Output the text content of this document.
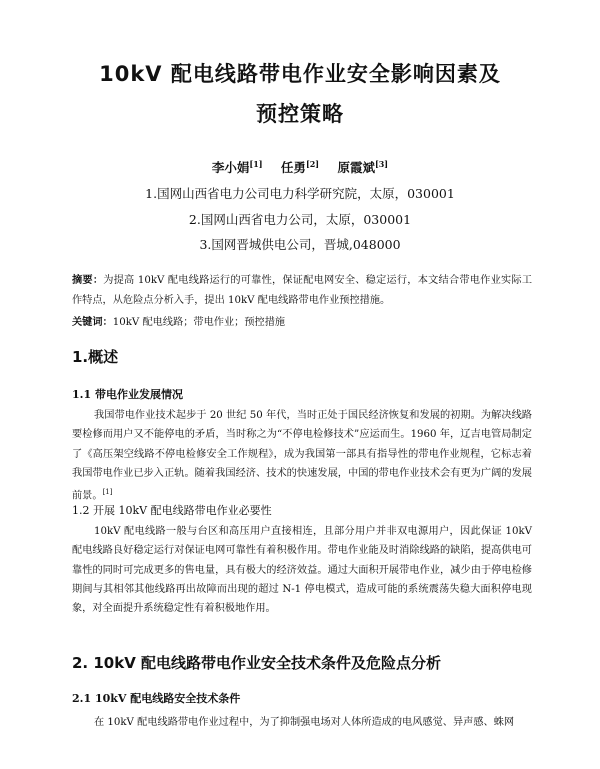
10kV 配电线路带电作业安全影响因素及
预控策略
李小娟[1] 任勇[2] 原霞斌[3]
1.国网山西省电力公司电力科学研究院，太原，030001
2.国网山西省电力公司，太原，030001
3.国网晋城供电公司，晋城,048000
摘要：为提高 10kV 配电线路运行的可靠性，保证配电网安全、稳定运行，本文结合带电作业实际工作特点，从危险点分析入手，提出 10kV 配电线路带电作业预控措施。
关键词：10kV 配电线路；带电作业；预控措施
1.概述
1.1 带电作业发展情况
我国带电作业技术起步于 20 世纪 50 年代，当时正处于国民经济恢复和发展的初期。为解决线路要检修而用户又不能停电的矛盾，当时称之为“不停电检修技术”应运而生。1960 年，辽吉电管局制定了《高压架空线路不停电检修安全工作规程》，成为我国第一部具有指导性的带电作业规程，它标志着我国带电作业已步入正轨。随着我国经济、技术的快速发展，中国的带电作业技术会有更为广阔的发展前景。[1]
1.2 开展 10kV 配电线路带电作业必要性
10kV 配电线路一般与台区和高压用户直接相连，且部分用户并非双电源用户，因此保证 10kV 配电线路良好稳定运行对保证电网可靠性有着积极作用。带电作业能及时消除线路的缺陷，提高供电可靠性的同时可完成更多的售电量，具有极大的经济效益。通过大面积开展带电作业，减少由于停电检修期间与其相邻其他线路再出故障而出现的超过 N-1 停电模式，造成可能的系统震荡失稳大面积停电现象，对全面提升系统稳定性有着积极地作用。
2. 10kV 配电线路带电作业安全技术条件及危险点分析
2.1 10kV 配电线路安全技术条件
在 10kV 配电线路带电作业过程中，为了抑制强电场对人体所造成的电风感觉、异声感、蛛网
